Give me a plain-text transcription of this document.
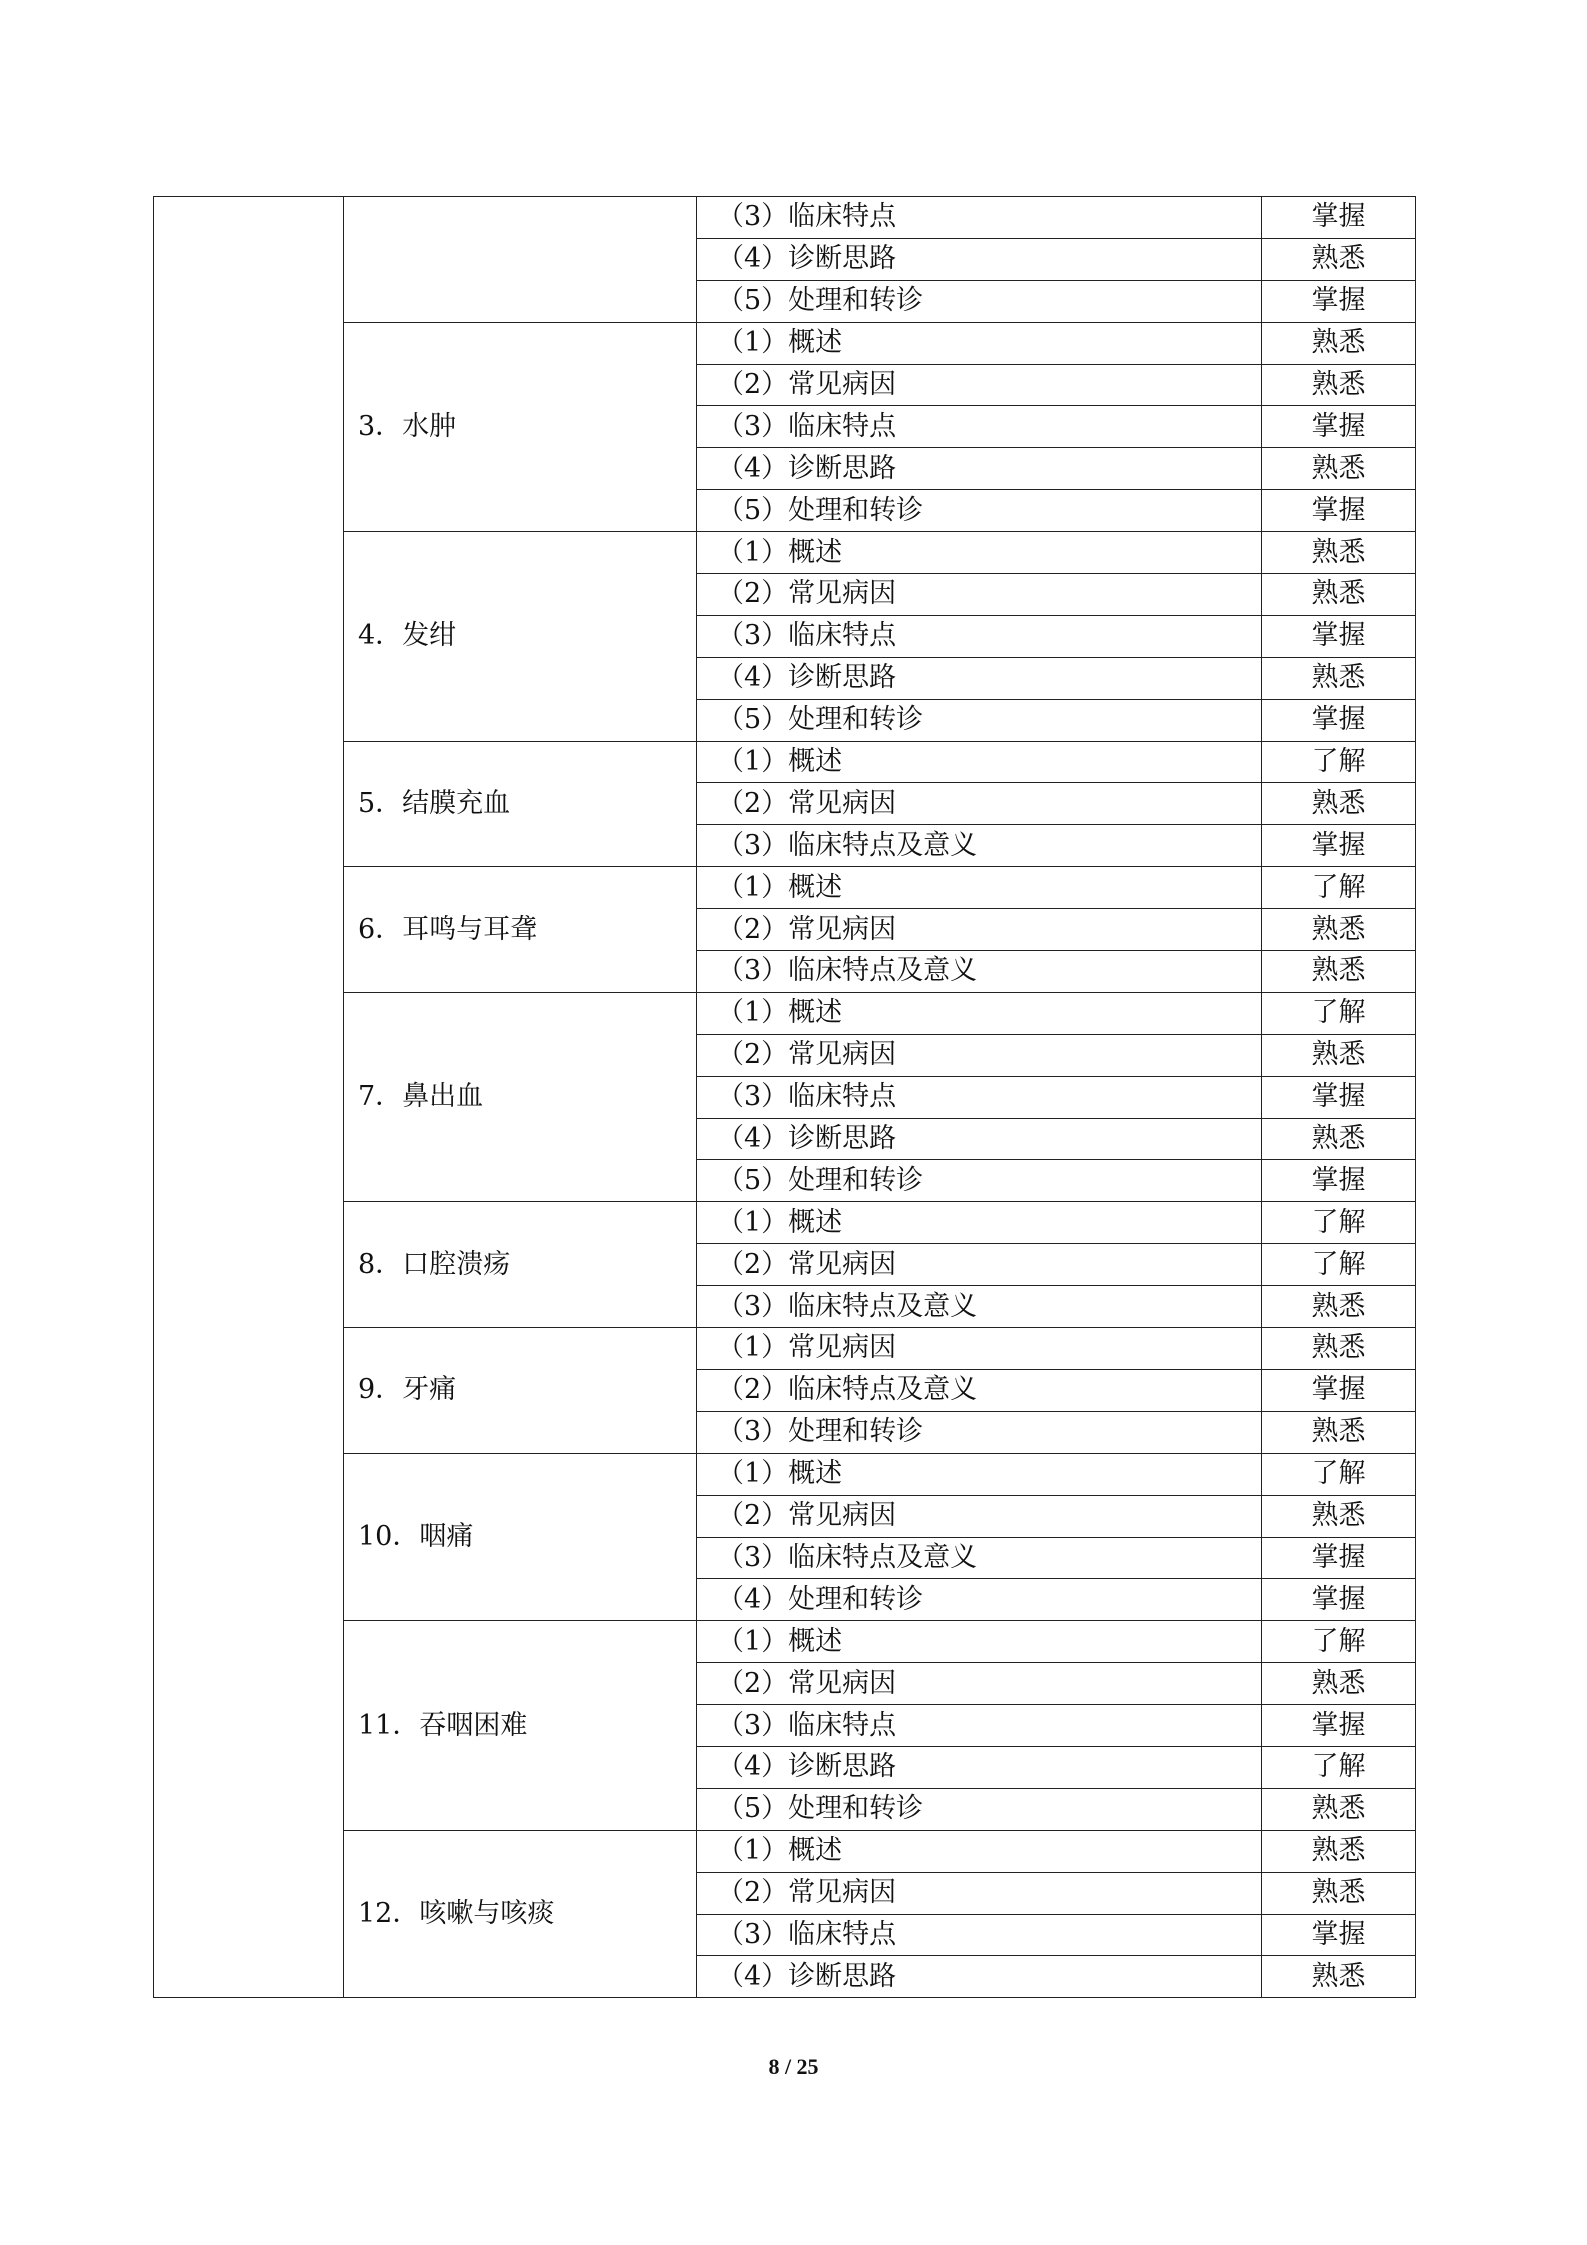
		（3）临床特点	掌握
		（4）诊断思路	熟悉
		（5）处理和转诊	掌握
	3．水肿	（1）概述	熟悉
		（2）常见病因	熟悉
		（3）临床特点	掌握
		（4）诊断思路	熟悉
		（5）处理和转诊	掌握
	4．发绀	（1）概述	熟悉
		（2）常见病因	熟悉
		（3）临床特点	掌握
		（4）诊断思路	熟悉
		（5）处理和转诊	掌握
	5．结膜充血	（1）概述	了解
		（2）常见病因	熟悉
		（3）临床特点及意义	掌握
	6．耳鸣与耳聋	（1）概述	了解
		（2）常见病因	熟悉
		（3）临床特点及意义	熟悉
	7．鼻出血	（1）概述	了解
		（2）常见病因	熟悉
		（3）临床特点	掌握
		（4）诊断思路	熟悉
		（5）处理和转诊	掌握
	8．口腔溃疡	（1）概述	了解
		（2）常见病因	了解
		（3）临床特点及意义	熟悉
	9．牙痛	（1）常见病因	熟悉
		（2）临床特点及意义	掌握
		（3）处理和转诊	熟悉
	10．咽痛	（1）概述	了解
		（2）常见病因	熟悉
		（3）临床特点及意义	掌握
		（4）处理和转诊	掌握
	11．吞咽困难	（1）概述	了解
		（2）常见病因	熟悉
		（3）临床特点	掌握
		（4）诊断思路	了解
		（5）处理和转诊	熟悉
	12．咳嗽与咳痰	（1）概述	熟悉
		（2）常见病因	熟悉
		（3）临床特点	掌握
		（4）诊断思路	熟悉
8 / 25
